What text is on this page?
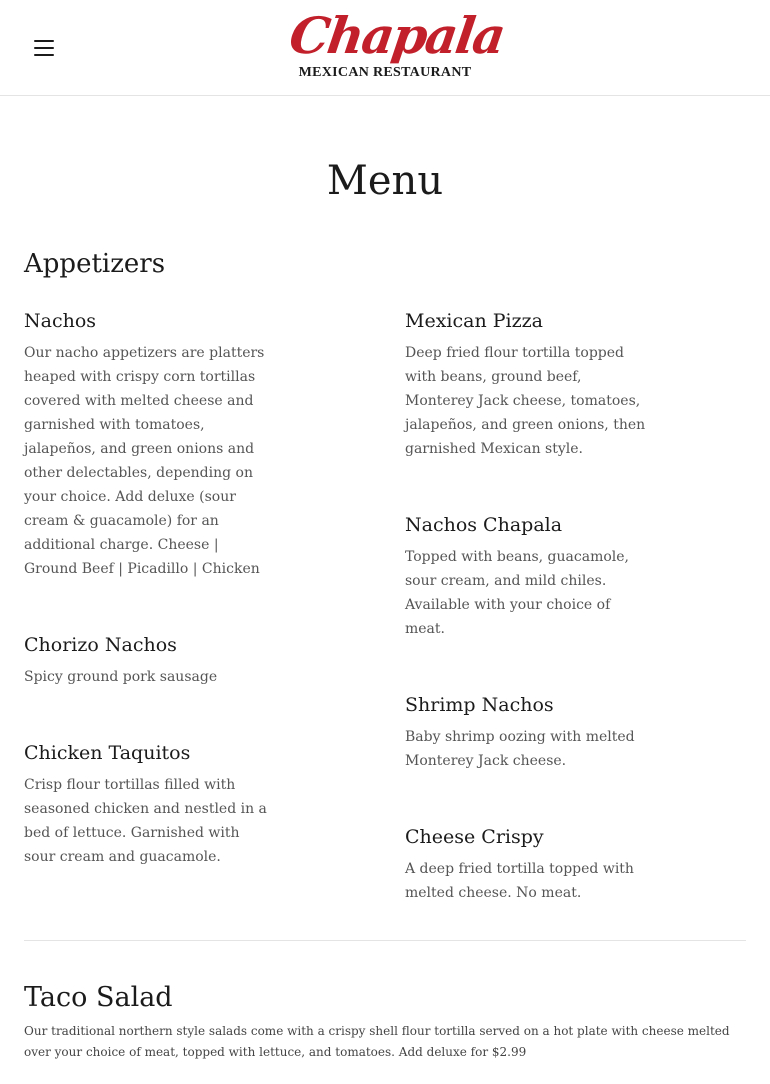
Chapala
MEXICAN RESTAURANT
Menu
Appetizers
Nachos

Our nacho appetizers are platters heaped with crispy corn tortillas covered with melted cheese and garnished with tomatoes, jalapeños, and green onions and other delectables, depending on your choice. Add deluxe (sour cream & guacamole) for an additional charge. Cheese | Ground Beef | Picadillo | Chicken

Chorizo Nachos

Spicy ground pork sausage

Chicken Taquitos

Crisp flour tortillas filled with seasoned chicken and nestled in a bed of lettuce. Garnished with sour cream and guacamole.

Mexican Pizza

Deep fried flour tortilla topped with beans, ground beef, Monterey Jack cheese, tomatoes, jalapeños, and green onions, then garnished Mexican style.

Nachos Chapala

Topped with beans, guacamole, sour cream, and mild chiles. Available with your choice of meat.

Shrimp Nachos

Baby shrimp oozing with melted Monterey Jack cheese.

Cheese Crispy

A deep fried tortilla topped with melted cheese. No meat.

Taco Salad

Our traditional northern style salads come with a crispy shell flour tortilla served on a hot plate with cheese melted over your choice of meat, topped with lettuce, and tomatoes. Add deluxe for $2.99
